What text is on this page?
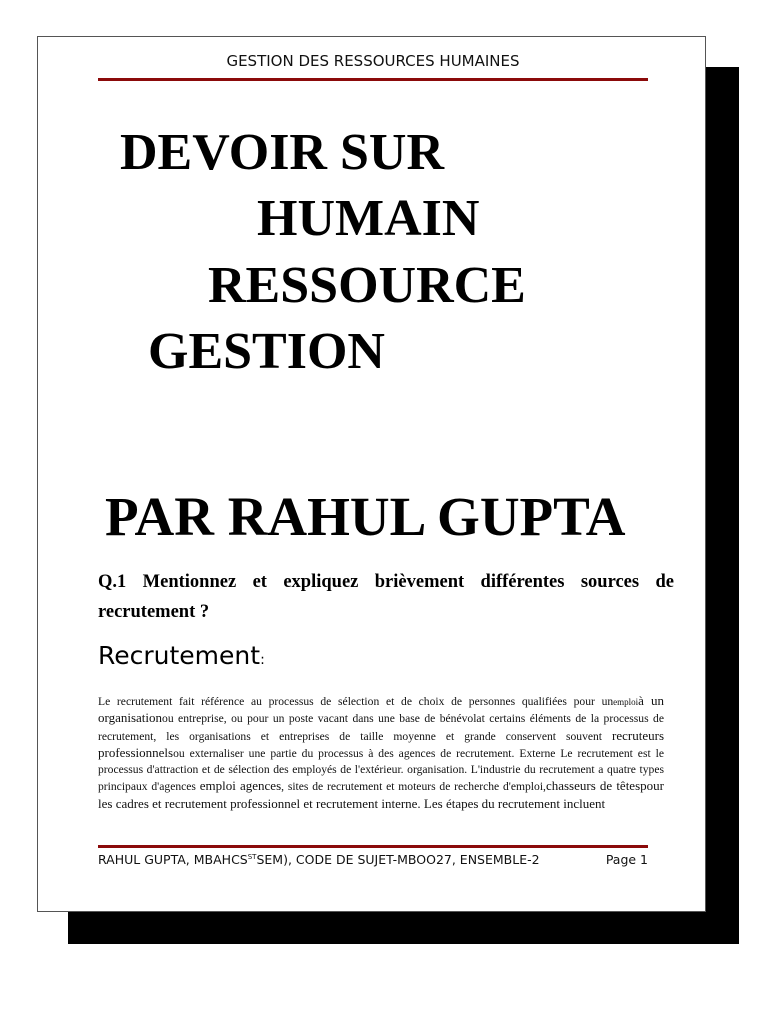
GESTION DES RESSOURCES HUMAINES
DEVOIR SUR
HUMAIN
RESSOURCE
GESTION
PAR RAHUL GUPTA
Q.1 Mentionnez et expliquez brièvement différentes sources de recrutement ?
Recrutement:
Le recrutement fait référence au processus de sélection et de choix de personnes qualifiées pour unemploià un organisationou entreprise, ou pour un poste vacant dans une base de bénévolat certains éléments de la processus de recrutement, les organisations et entreprises de taille moyenne et grande conservent souvent recruteurs professionnelsou externaliser une partie du processus à des agences de recrutement. Externe Le recrutement est le processus d'attraction et de sélection des employés de l'extérieur. organisation. L'industrie du recrutement a quatre types principaux d'agences emploi agences, sites de recrutement et moteurs de recherche d'emploi,chasseurs de têtespour les cadres et recrutement professionnel et recrutement interne. Les étapes du recrutement incluent
RAHUL GUPTA, $MBAHCS^{ST}SEM$), CODE DE SUJET-MBOO27, ENSEMBLE-2	Page 1
